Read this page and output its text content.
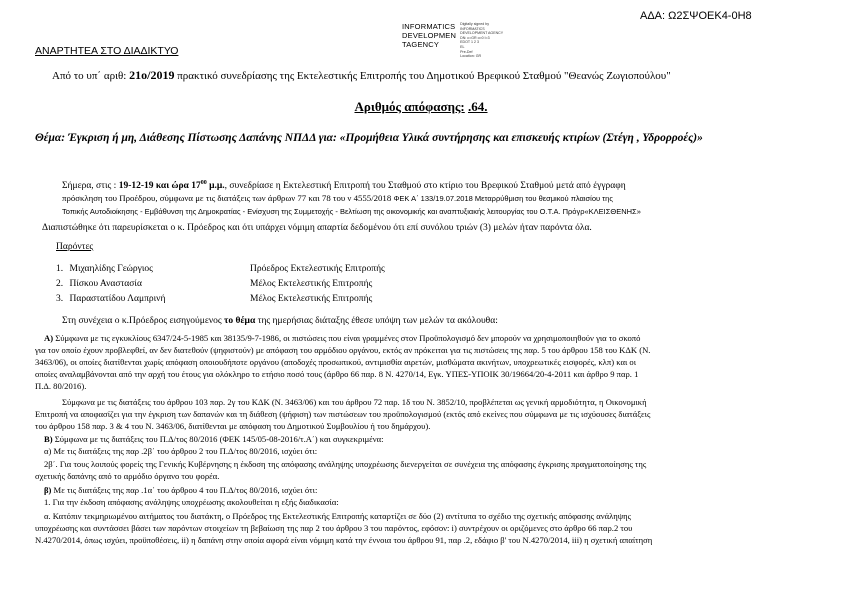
ΑΔΑ: Ω2ΣΨΟΕΚ4-0Η8
ΑΝΑΡΤΗΤΕΑ ΣΤΟ ΔΙΑΔΙΚΤΥΟ
INFORMATICS
DEVELOPMEN
TAGENCY
Digitally signed by
INFORMATICS
DEVELOPMENT AGENCY
DN: c=GR o=0 l=3
EDOT 1 2 3
EL
Pre-Def
Location: GR
Από το υπ΄ αριθ: 21ο/2019 πρακτικό συνεδρίασης της Εκτελεστικής Επιτροπής του Δημοτικού Βρεφικού Σταθμού "Θεανώς Ζωγιοπούλου"
Αριθμός απόφασης: .64.
Θέμα: Έγκριση ή μη, Διάθεσης Πίστωσης Δαπάνης ΝΠΔΔ για: «Προμήθεια Υλικά συντήρησης και επισκευής κτιρίων (Στέγη , Υδρορροές)»
Σήμερα, στις : 19-12-19 και ώρα $17^{00}$ μ.μ., συνεδρίασε η Εκτελεστική Επιτροπή του Σταθμού στο κτίριο του Βρεφικού Σταθμού μετά από έγγραφη
πρόσκληση του Προέδρου, σύμφωνα με τις διατάξεις των άρθρων 77 και 78 του ν 4555/2018 ΦΕΚ Α΄ 133/19.07.2018 Μεταρρύθμιση του θεσμικού πλαισίου της
Τοπικής Αυτοδιοίκησης - Εμβάθυνση της Δημοκρατίας - Ενίσχυση της Συμμετοχής - Βελτίωση της οικονομικής και αναπτυξιακής λειτουργίας του Ο.Τ.Α. Πρόγρ«ΚΛΕΙΣΘΕΝΗΣ»
Διαπιστώθηκε ότι παρευρίσκεται ο κ. Πρόεδρος και ότι υπάρχει νόμιμη απαρτία δεδομένου ότι επί συνόλου τριών (3) μελών ήταν παρόντα όλα.
Παρόντες
1. Μιχαηλίδης Γεώργιος	Πρόεδρος Εκτελεστικής Επιτροπής
2. Πίσκου Αναστασία	Μέλος Εκτελεστικής Επιτροπής
3. Παραστατίδου Λαμπρινή	Μέλος Εκτελεστικής Επιτροπής
Στη συνέχεια ο κ.Πρόεδρος εισηγούμενος το θέμα της ημερήσιας διάταξης έθεσε υπόψη των μελών τα ακόλουθα:
Α) Σύμφωνα με τις εγκυκλίους 6347/24-5-1985 και 38135/9-7-1986, οι πιστώσεις που είναι γραμμένες στον Προϋπολογισμό δεν μπορούν να χρησιμοποιηθούν για το σκοπό
για τον οποίο έχουν προβλεφθεί, αν δεν διατεθούν (ψηφιστούν) με απόφαση του αρμόδιου οργάνου, εκτός αν πρόκειται για τις πιστώσεις της παρ. 5 του άρθρου 158 του ΚΔΚ (Ν.
3463/06), οι οποίες διατίθενται χωρίς απόφαση οποιουδήποτε οργάνου (αποδοχές προσωπικού, αντιμισθία αιρετών, μισθώματα ακινήτων, υποχρεωτικές εισφορές, κλπ) και οι
οποίες αναλαμβάνονται από την αρχή του έτους για ολόκληρο το ετήσιο ποσό τους (άρθρο 66 παρ. 8 Ν. 4270/14, Εγκ. ΥΠΕΣ-ΥΠΟΙΚ 30/19664/20-4-2011 και άρθρο 9 παρ. 1
Π.Δ. 80/2016).
Σύμφωνα με τις διατάξεις του άρθρου 103 παρ. 2γ του ΚΔΚ (Ν. 3463/06) και του άρθρου 72 παρ. 1δ του Ν. 3852/10, προβλέπεται ως γενική αρμοδιότητα, η Οικονομική
Επιτροπή να αποφασίζει για την έγκριση των δαπανών και τη διάθεση (ψήφιση) των πιστώσεων του προϋπολογισμού (εκτός από εκείνες που σύμφωνα με τις ισχύουσες διατάξεις
του άρθρου 158 παρ. 3 & 4 του Ν. 3463/06, διατίθενται με απόφαση του Δημοτικού Συμβουλίου ή του δημάρχου).
Β) Σύμφωνα με τις διατάξεις του Π.Δ/τος 80/2016 (ΦΕΚ 145/05-08-2016/τ.Α΄) και συγκεκριμένα:
α) Με τις διατάξεις της παρ .2β΄ του άρθρου 2 του Π.Δ/τος 80/2016, ισχύει ότι:
2β΄. Για τους λοιπούς φορείς της Γενικής Κυβέρνησης η έκδοση της απόφασης ανάληψης υποχρέωσης διενεργείται σε συνέχεια της απόφασης έγκρισης πραγματοποίησης της
σχετικής δαπάνης από το αρμόδιο όργανο του φορέα.
β) Με τις διατάξεις της παρ .1α΄ του άρθρου 4 του Π.Δ/τος 80/2016, ισχύει ότι:
1. Για την έκδοση απόφασης ανάληψης υποχρέωσης ακολουθείται η εξής διαδικασία:
α. Κατόπιν τεκμηριωμένου αιτήματος του διατάκτη, ο Πρόεδρος της Εκτελεστικής Επιτροπής καταρτίζει σε δύο (2) αντίτυπα το σχέδιο της σχετικής απόφασης ανάληψης
υποχρέωσης και συντάσσει βάσει των παρόντων στοιχείων τη βεβαίωση της παρ 2 του άρθρου 3 του παρόντος, εφόσον: i) συντρέχουν οι οριζόμενες στο άρθρο 66 παρ.2 του
Ν.4270/2014, όπως ισχύει, προϋποθέσεις, ii) η δαπάνη στην οποία αφορά είναι νόμιμη κατά την έννοια του άρθρου 91, παρ .2, εδάφιο β' του Ν.4270/2014, iii) η σχετική απαίτηση
